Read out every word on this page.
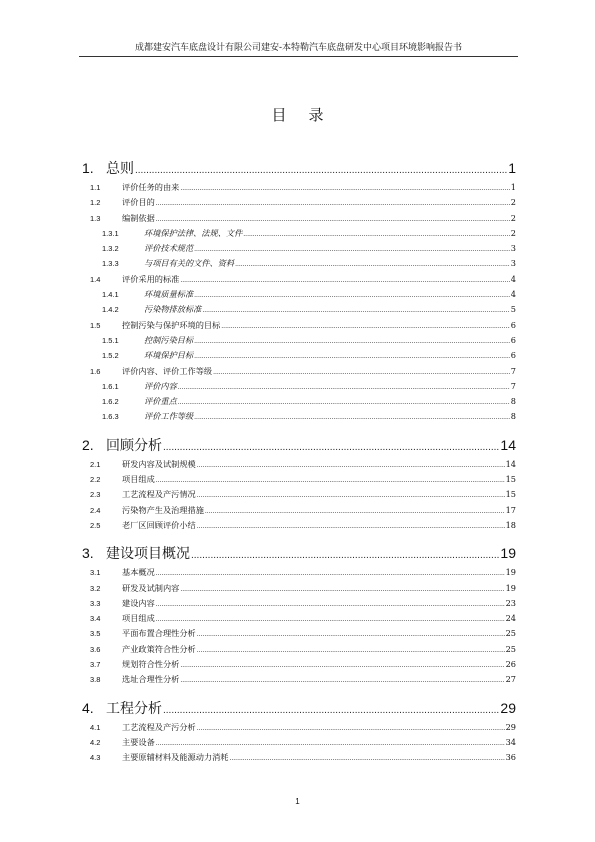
成都建安汽车底盘设计有限公司建安-本特勒汽车底盘研发中心项目环境影响报告书
目录
1. 总则 .....	1
1.1	评价任务的由来 .....	1
1.2	评价目的 .....	2
1.3	编制依据 .....	2
1.3.1	环境保护法律、法规、文件 .....	2
1.3.2	评价技术规范 .....	3
1.3.3	与项目有关的文件、资料 .....	3
1.4	评价采用的标准 .....	4
1.4.1	环境质量标准 .....	4
1.4.2	污染物排放标准 .....	5
1.5	控制污染与保护环境的目标 .....	6
1.5.1	控制污染目标 .....	6
1.5.2	环境保护目标 .....	6
1.6	评价内容、评价工作等级 .....	7
1.6.1	评价内容 .....	7
1.6.2	评价重点 .....	8
1.6.3	评价工作等级 .....	8
2. 回顾分析 .....	14
2.1	研发内容及试制规模 .....	14
2.2	项目组成 .....	15
2.3	工艺流程及产污情况 .....	15
2.4	污染物产生及治理措施 .....	17
2.5	老厂区回顾评价小结 .....	18
3. 建设项目概况 .....	19
3.1	基本概况 .....	19
3.2	研发及试制内容 .....	19
3.3	建设内容 .....	23
3.4	项目组成 .....	24
3.5	平面布置合理性分析 .....	25
3.6	产业政策符合性分析 .....	25
3.7	规划符合性分析 .....	26
3.8	选址合理性分析 .....	27
4. 工程分析 .....	29
4.1	工艺流程及产污分析 .....	29
4.2	主要设备 .....	34
4.3	主要原辅材料及能源动力消耗 .....	36
1
